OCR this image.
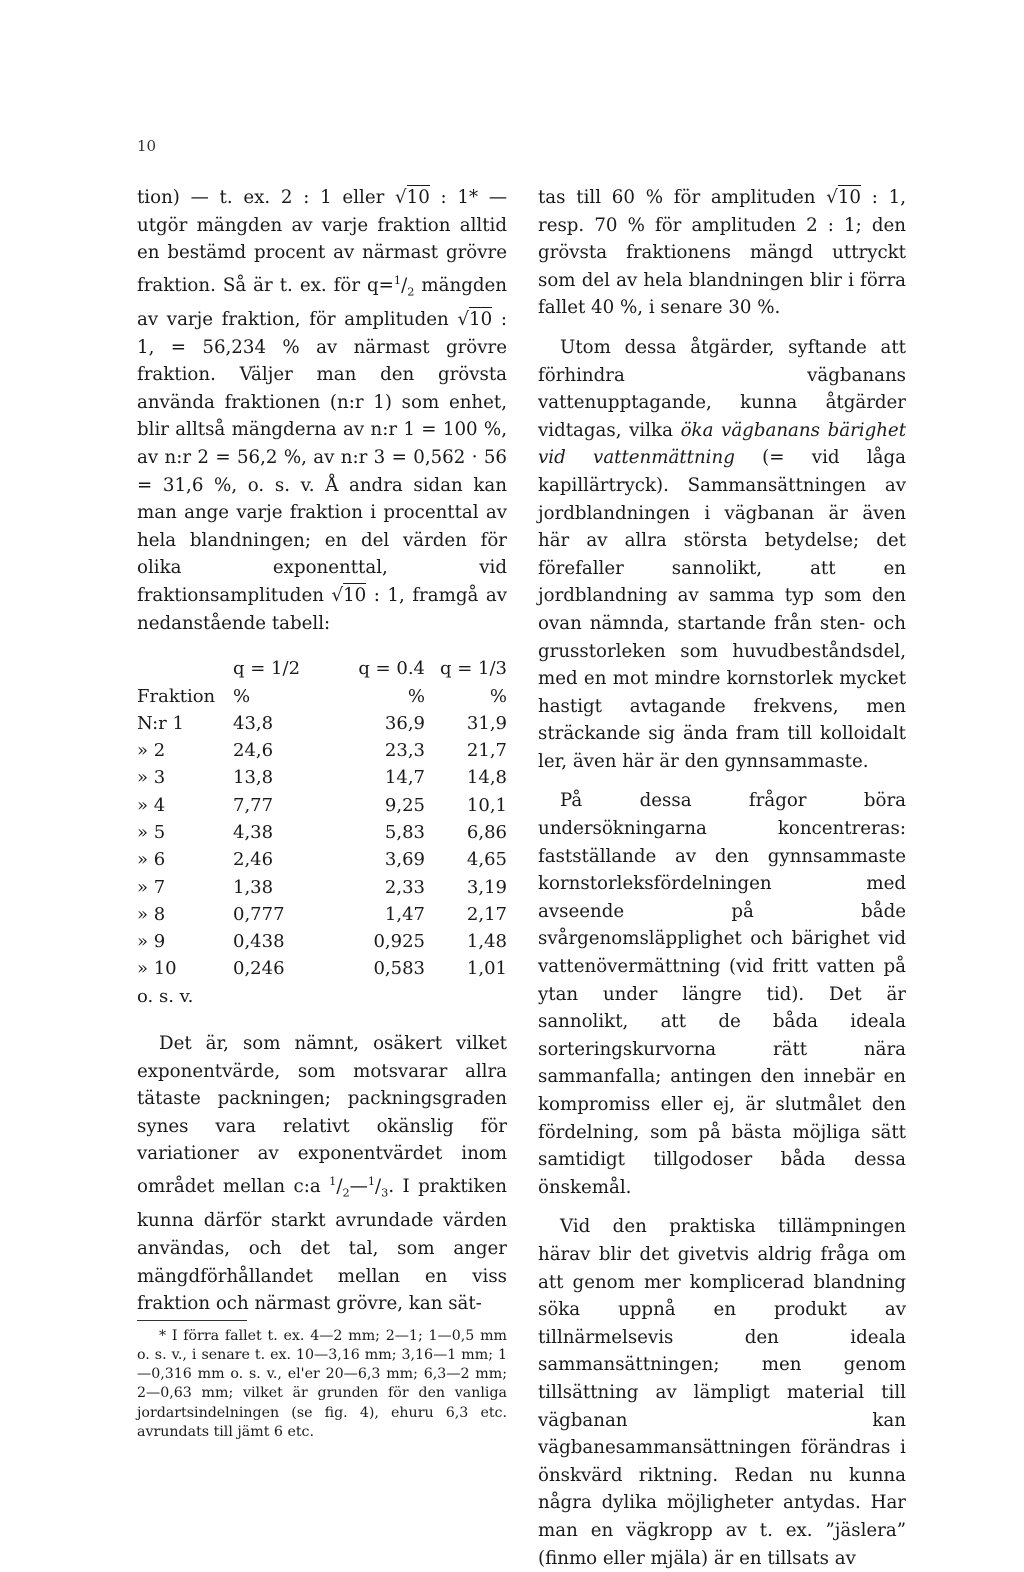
10

tion) — t. ex. 2 : 1 eller √10 : 1* — utgör mängden av varje fraktion alltid en bestämd procent av närmast grövre fraktion. Så är t. ex. för $q=^1/_2$ mängden av varje fraktion, för amplituden √10 : 1, = 56,234 % av närmast grövre fraktion. Väljer man den grövsta använda fraktionen (n:r 1) som enhet, blir alltså mängderna av n:r 1 = 100 %, av n:r 2 = 56,2 %, av n:r 3 = 0,562 · 56 = 31,6 %, o. s. v. Å andra sidan kan man ange varje fraktion i procenttal av hela blandningen; en del värden för olika exponenttal, vid fraktionsamplituden √10 : 1, framgå av nedanstående tabell:

	q = 1/2	q = 0.4	q = 1/3
Fraktion	%	%	%
N:r 1	43,8	36,9	31,9
» 2	24,6	23,3	21,7
» 3	13,8	14,7	14,8
» 4	7,77	9,25	10,1
» 5	4,38	5,83	6,86
» 6	2,46	3,69	4,65
» 7	1,38	2,33	3,19
» 8	0,777	1,47	2,17
» 9	0,438	0,925	1,48
» 10	0,246	0,583	1,01
o. s. v.			

Det är, som nämnt, osäkert vilket exponentvärde, som motsvarar allra tätaste packningen; packningsgraden synes vara relativt okänslig för variationer av exponentvärdet inom området mellan c:a $^1/_2—^1/_3$. I praktiken kunna därför starkt avrundade värden användas, och det tal, som anger mängdförhållandet mellan en viss fraktion och närmast grövre, kan sät-

* I förra fallet t. ex. 4—2 mm; 2—1; 1—0,5 mm o. s. v., i senare t. ex. 10—3,16 mm; 3,16—1 mm; 1—0,316 mm o. s. v., el'er 20—6,3 mm; 6,3—2 mm; 2—0,63 mm; vilket är grunden för den vanliga jordartsindelningen (se fig. 4), ehuru 6,3 etc. avrundats till jämt 6 etc.

tas till 60 % för amplituden √10 : 1, resp. 70 % för amplituden 2 : 1; den grövsta fraktionens mängd uttryckt som del av hela blandningen blir i förra fallet 40 %, i senare 30 %.

Utom dessa åtgärder, syftande att förhindra vägbanans vattenupptagande, kunna åtgärder vidtagas, vilka öka vägbanans bärighet vid vattenmättning (= vid låga kapillärtryck). Sammansättningen av jordblandningen i vägbanan är även här av allra största betydelse; det förefaller sannolikt, att en jordblandning av samma typ som den ovan nämnda, startande från sten- och grusstorleken som huvudbeståndsdel, med en mot mindre kornstorlek mycket hastigt avtagande frekvens, men sträckande sig ända fram till kolloidalt ler, även här är den gynnsammaste.

På dessa frågor böra undersökningarna koncentreras: fastställande av den gynnsammaste kornstorleksfördelningen med avseende på både svårgenomsläpplighet och bärighet vid vattenövermättning (vid fritt vatten på ytan under längre tid). Det är sannolikt, att de båda ideala sorteringskurvorna rätt nära sammanfalla; antingen den innebär en kompromiss eller ej, är slutmålet den fördelning, som på bästa möjliga sätt samtidigt tillgodoser båda dessa önskemål.

Vid den praktiska tillämpningen härav blir det givetvis aldrig fråga om att genom mer komplicerad blandning söka uppnå en produkt av tillnärmelsevis den ideala sammansättningen; men genom tillsättning av lämpligt material till vägbanan kan vägbanesammansättningen förändras i önskvärd riktning. Redan nu kunna några dylika möjligheter antydas. Har man en vägkropp av t. ex. ”jäslera” (finmo eller mjäla) är en tillsats av
